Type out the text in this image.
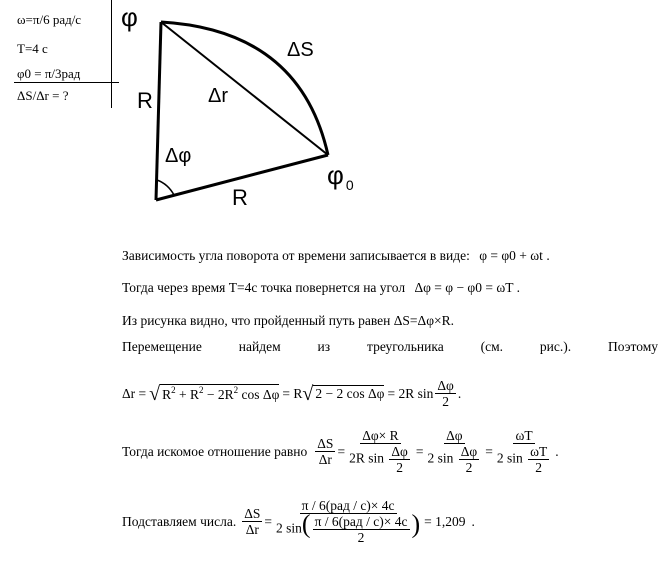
ω=π/6 рад/с
T=4 с
φ0 = π/3рад
ΔS/Δr = ?
φ
ΔS
Δr
R
R
Δφ
φ $_0$
Зависимость угла поворота от времени записывается в виде: φ = φ0 + ωt .
Тогда через время T=4с точка повернется на угол Δφ = φ − φ0 = ωT .
Из рисунка видно, что пройденный путь равен ΔS=Δφ×R.
Перемещение	найдем	из	треугольника	(см.	рис.).	Поэтому
Δr = √ $R^2 + R^2 - 2R^2$ cos Δφ = R √ 2 − 2 cos Δφ = 2R $\sin \frac{\Delta\varphi}{2}$ .
Тогда искомое отношение равно $\frac{\Delta S}{\Delta r} = \frac{\Delta\varphi\times R}{2R \sin \frac{\Delta\varphi}{2}} = \frac{\Delta\varphi}{2 \sin \frac{\Delta\varphi}{2}} = \frac{\omega T}{2 \sin \frac{\omega T}{2}}$ .
Подставляем числа. $\frac{\Delta S}{\Delta r} = \frac{\text{π / 6(рад / с)× 4с}}{2 \sin( \frac{\text{π / 6(рад / с)× 4с}}{2} )} = 1,209$ .
